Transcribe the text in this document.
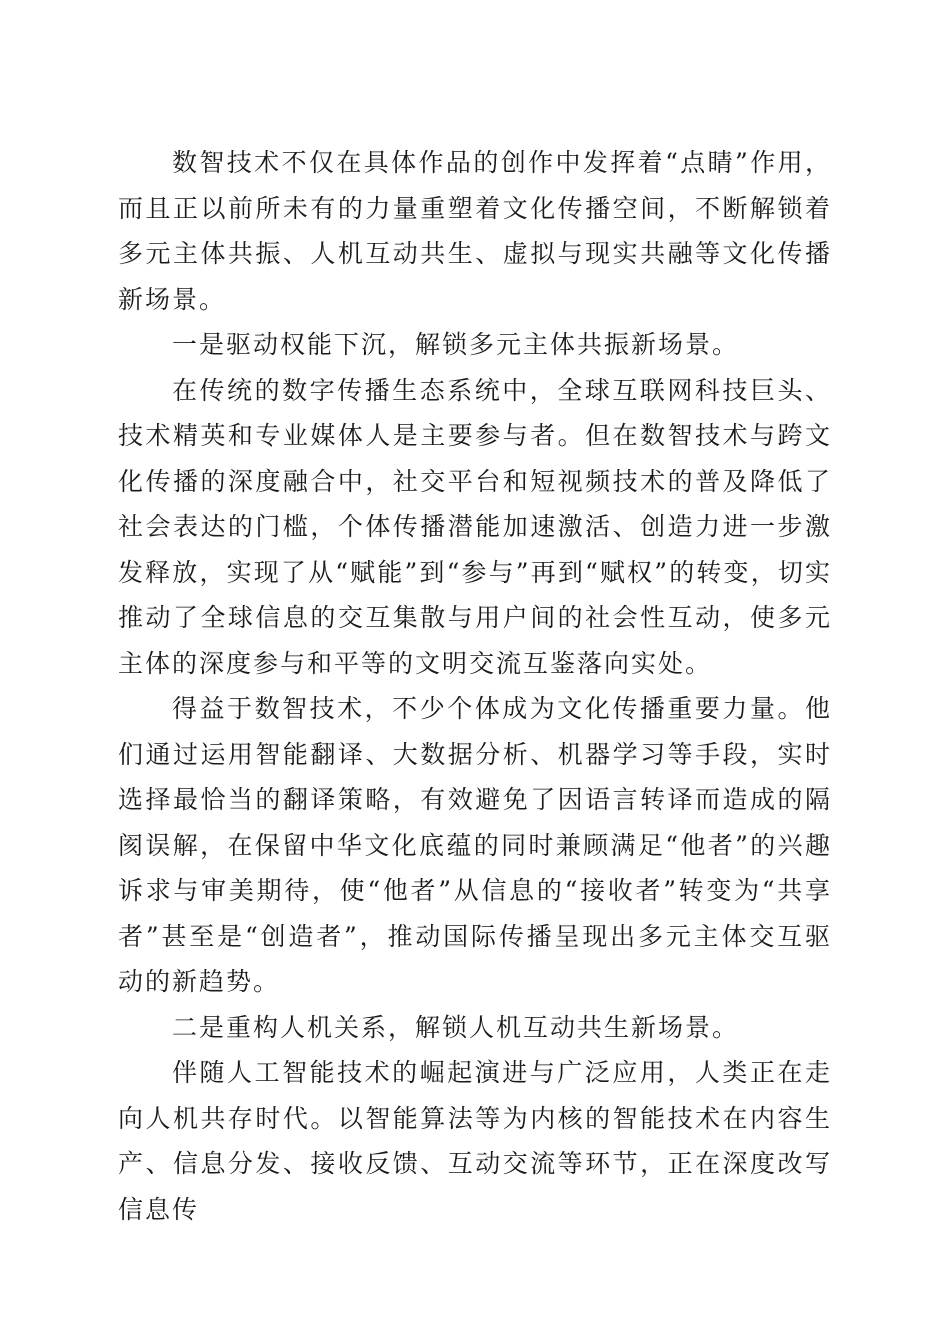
数智技术不仅在具体作品的创作中发挥着“点睛”作用，而且正以前所未有的力量重塑着文化传播空间，不断解锁着多元主体共振、人机互动共生、虚拟与现实共融等文化传播新场景。

一是驱动权能下沉，解锁多元主体共振新场景。

在传统的数字传播生态系统中，全球互联网科技巨头、技术精英和专业媒体人是主要参与者。但在数智技术与跨文化传播的深度融合中，社交平台和短视频技术的普及降低了社会表达的门槛，个体传播潜能加速激活、创造力进一步激发释放，实现了从“赋能”到“参与”再到“赋权”的转变，切实推动了全球信息的交互集散与用户间的社会性互动，使多元主体的深度参与和平等的文明交流互鉴落向实处。

得益于数智技术，不少个体成为文化传播重要力量。他们通过运用智能翻译、大数据分析、机器学习等手段，实时选择最恰当的翻译策略，有效避免了因语言转译而造成的隔阂误解，在保留中华文化底蕴的同时兼顾满足“他者”的兴趣诉求与审美期待，使“他者”从信息的“接收者”转变为“共享者”甚至是“创造者”，推动国际传播呈现出多元主体交互驱动的新趋势。

二是重构人机关系，解锁人机互动共生新场景。

伴随人工智能技术的崛起演进与广泛应用，人类正在走向人机共存时代。以智能算法等为内核的智能技术在内容生产、信息分发、接收反馈、互动交流等环节，正在深度改写信息传
